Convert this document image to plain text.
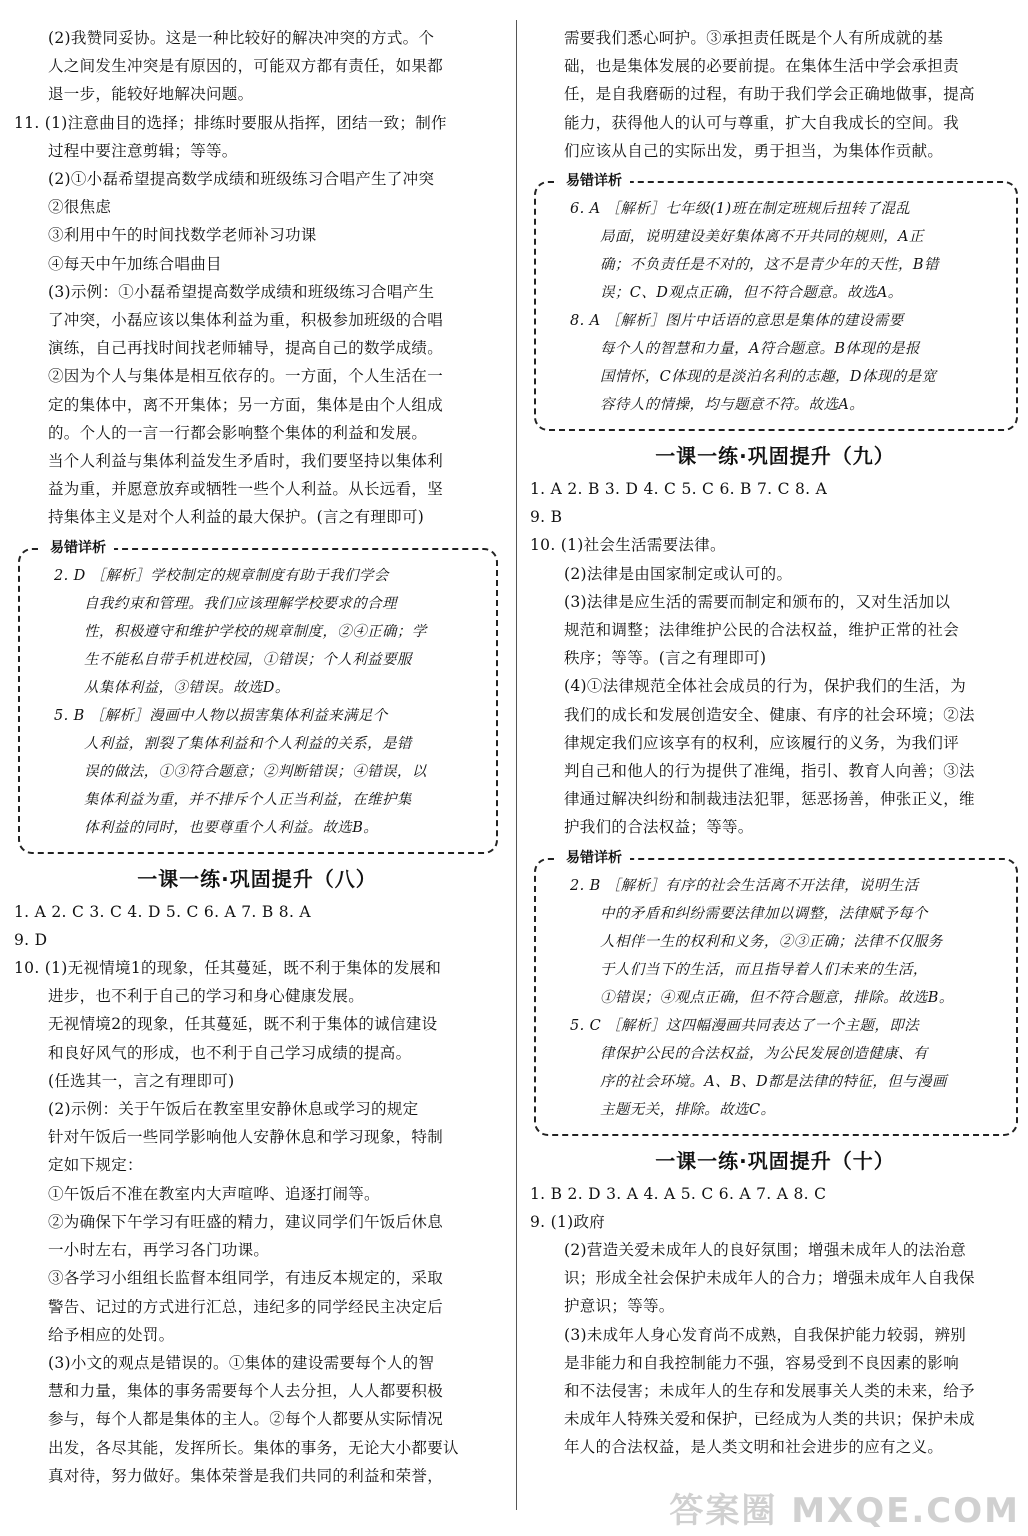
(2)我赞同妥协。这是一种比较好的解决冲突的方式。个
人之间发生冲突是有原因的，可能双方都有责任，如果都
退一步，能较好地解决问题。
11. (1)注意曲目的选择；排练时要服从指挥，团结一致；制作
过程中要注意剪辑；等等。
(2)①小磊希望提高数学成绩和班级练习合唱产生了冲突
②很焦虑
③利用中午的时间找数学老师补习功课
④每天中午加练合唱曲目
(3)示例：①小磊希望提高数学成绩和班级练习合唱产生
了冲突，小磊应该以集体利益为重，积极参加班级的合唱
演练，自己再找时间找老师辅导，提高自己的数学成绩。
②因为个人与集体是相互依存的。一方面，个人生活在一
定的集体中，离不开集体；另一方面，集体是由个人组成
的。个人的一言一行都会影响整个集体的利益和发展。
当个人利益与集体利益发生矛盾时，我们要坚持以集体利
益为重，并愿意放弃或牺牲一些个人利益。从长远看，坚
持集体主义是对个人利益的最大保护。(言之有理即可)
易错详析
2. D ［解析］学校制定的规章制度有助于我们学会
自我约束和管理。我们应该理解学校要求的合理
性，积极遵守和维护学校的规章制度，②④正确；学
生不能私自带手机进校园，①错误；个人利益要服
从集体利益，③错误。故选D。
5. B ［解析］漫画中人物以损害集体利益来满足个
人利益，割裂了集体利益和个人利益的关系，是错
误的做法，①③符合题意；②判断错误；④错误，以
集体利益为重，并不排斥个人正当利益，在维护集
体利益的同时，也要尊重个人利益。故选B。
一课一练·巩固提升（八）
1. A 2. C 3. C 4. D 5. C 6. A 7. B 8. A
9. D
10. (1)无视情境1的现象，任其蔓延，既不利于集体的发展和
进步，也不利于自己的学习和身心健康发展。
无视情境2的现象，任其蔓延，既不利于集体的诚信建设
和良好风气的形成，也不利于自己学习成绩的提高。
(任选其一，言之有理即可)
(2)示例：关于午饭后在教室里安静休息或学习的规定
针对午饭后一些同学影响他人安静休息和学习现象，特制
定如下规定：
①午饭后不准在教室内大声喧哗、追逐打闹等。
②为确保下午学习有旺盛的精力，建议同学们午饭后休息
一小时左右，再学习各门功课。
③各学习小组组长监督本组同学，有违反本规定的，采取
警告、记过的方式进行汇总，违纪多的同学经民主决定后
给予相应的处罚。
(3)小文的观点是错误的。①集体的建设需要每个人的智
慧和力量，集体的事务需要每个人去分担，人人都要积极
参与，每个人都是集体的主人。②每个人都要从实际情况
出发，各尽其能，发挥所长。集体的事务，无论大小都要认
真对待，努力做好。集体荣誉是我们共同的利益和荣誉，
需要我们悉心呵护。③承担责任既是个人有所成就的基
础，也是集体发展的必要前提。在集体生活中学会承担责
任，是自我磨砺的过程，有助于我们学会正确地做事，提高
能力，获得他人的认可与尊重，扩大自我成长的空间。我
们应该从自己的实际出发，勇于担当，为集体作贡献。
易错详析
6. A ［解析］七年级(1)班在制定班规后扭转了混乱
局面，说明建设美好集体离不开共同的规则，A正
确；不负责任是不对的，这不是青少年的天性，B错
误；C、D观点正确，但不符合题意。故选A。
8. A ［解析］图片中话语的意思是集体的建设需要
每个人的智慧和力量，A符合题意。B体现的是报
国情怀，C体现的是淡泊名利的志趣，D体现的是宽
容待人的情操，均与题意不符。故选A。
一课一练·巩固提升（九）
1. A 2. B 3. D 4. C 5. C 6. B 7. C 8. A
9. B
10. (1)社会生活需要法律。
(2)法律是由国家制定或认可的。
(3)法律是应生活的需要而制定和颁布的，又对生活加以
规范和调整；法律维护公民的合法权益，维护正常的社会
秩序；等等。(言之有理即可)
(4)①法律规范全体社会成员的行为，保护我们的生活，为
我们的成长和发展创造安全、健康、有序的社会环境；②法
律规定我们应该享有的权利，应该履行的义务，为我们评
判自己和他人的行为提供了准绳，指引、教育人向善；③法
律通过解决纠纷和制裁违法犯罪，惩恶扬善，伸张正义，维
护我们的合法权益；等等。
易错详析
2. B ［解析］有序的社会生活离不开法律，说明生活
中的矛盾和纠纷需要法律加以调整，法律赋予每个
人相伴一生的权利和义务，②③正确；法律不仅服务
于人们当下的生活，而且指导着人们未来的生活，
①错误；④观点正确，但不符合题意，排除。故选B。
5. C ［解析］这四幅漫画共同表达了一个主题，即法
律保护公民的合法权益，为公民发展创造健康、有
序的社会环境。A、B、D都是法律的特征，但与漫画
主题无关，排除。故选C。
一课一练·巩固提升（十）
1. B 2. D 3. A 4. A 5. C 6. A 7. A 8. C
9. (1)政府
(2)营造关爱未成年人的良好氛围；增强未成年人的法治意
识；形成全社会保护未成年人的合力；增强未成年人自我保
护意识；等等。
(3)未成年人身心发育尚不成熟，自我保护能力较弱，辨别
是非能力和自我控制能力不强，容易受到不良因素的影响
和不法侵害；未成年人的生存和发展事关人类的未来，给予
未成年人特殊关爱和保护，已经成为人类的共识；保护未成
年人的合法权益，是人类文明和社会进步的应有之义。
答案圈 MXQE.COM
